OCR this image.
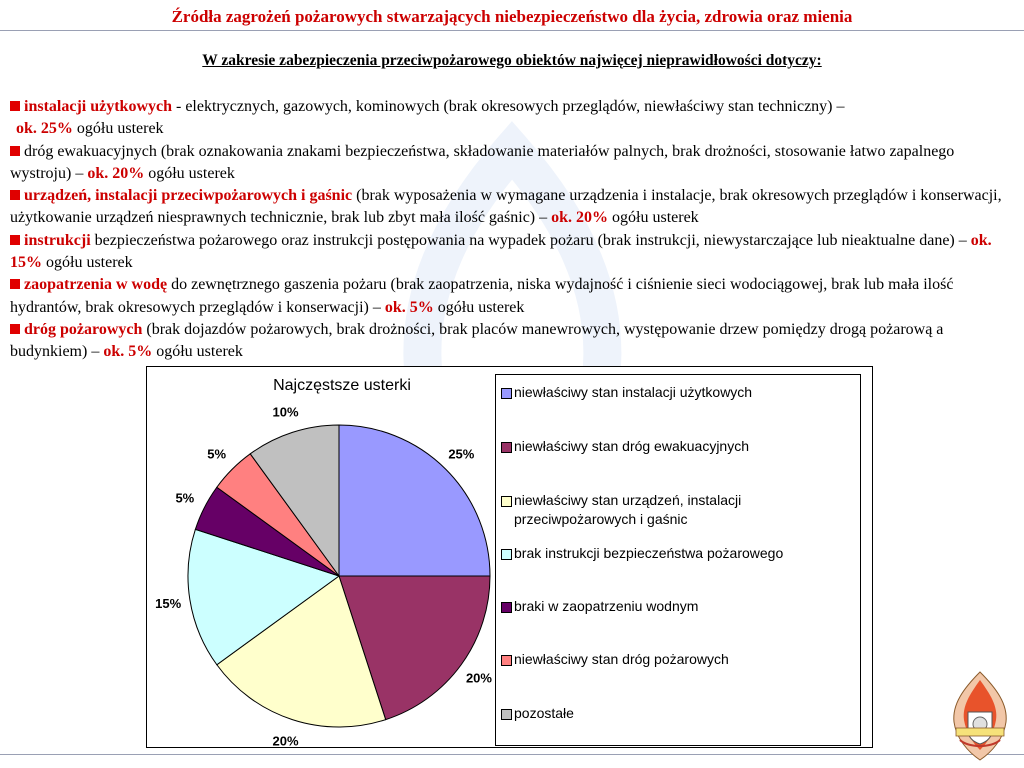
Źródła zagrożeń pożarowych stwarzających niebezpieczeństwo dla życia, zdrowia oraz mienia
W zakresie zabezpieczenia przeciwpożarowego obiektów najwięcej nieprawidłowości dotyczy:

instalacji użytkowych - elektrycznych, gazowych, kominowych (brak okresowych przeglądów, niewłaściwy stan techniczny) –
ok. 25% ogółu usterek

dróg ewakuacyjnych (brak oznakowania znakami bezpieczeństwa, składowanie materiałów palnych, brak drożności, stosowanie łatwo zapalnego wystroju) – ok. 20% ogółu usterek

urządzeń, instalacji przeciwpożarowych i gaśnic (brak wyposażenia w wymagane urządzenia i instalacje, brak okresowych przeglądów i konserwacji, użytkowanie urządzeń niesprawnych technicznie, brak lub zbyt mała ilość gaśnic) – ok. 20% ogółu usterek

instrukcji bezpieczeństwa pożarowego oraz instrukcji postępowania na wypadek pożaru (brak instrukcji, niewystarczające lub nieaktualne dane) – ok. 15% ogółu usterek

zaopatrzenia w wodę do zewnętrznego gaszenia pożaru (brak zaopatrzenia, niska wydajność i ciśnienie sieci wodociągowej, brak lub mała ilość hydrantów, brak okresowych przeglądów i konserwacji) – ok. 5% ogółu usterek

dróg pożarowych (brak dojazdów pożarowych, brak drożności, brak placów manewrowych, występowanie drzew pomiędzy drogą pożarową a budynkiem) – ok. 5% ogółu usterek

Najczęstsze usterki
25%
20%
20%
15%
5%
5%
10%
niewłaściwy stan instalacji użytkowych
niewłaściwy stan dróg ewakuacyjnych
niewłaściwy stan urządzeń, instalacji
przeciwpożarowych i gaśnic
brak instrukcji bezpieczeństwa pożarowego
braki w zaopatrzeniu wodnym
niewłaściwy stan dróg pożarowych
pozostałe
